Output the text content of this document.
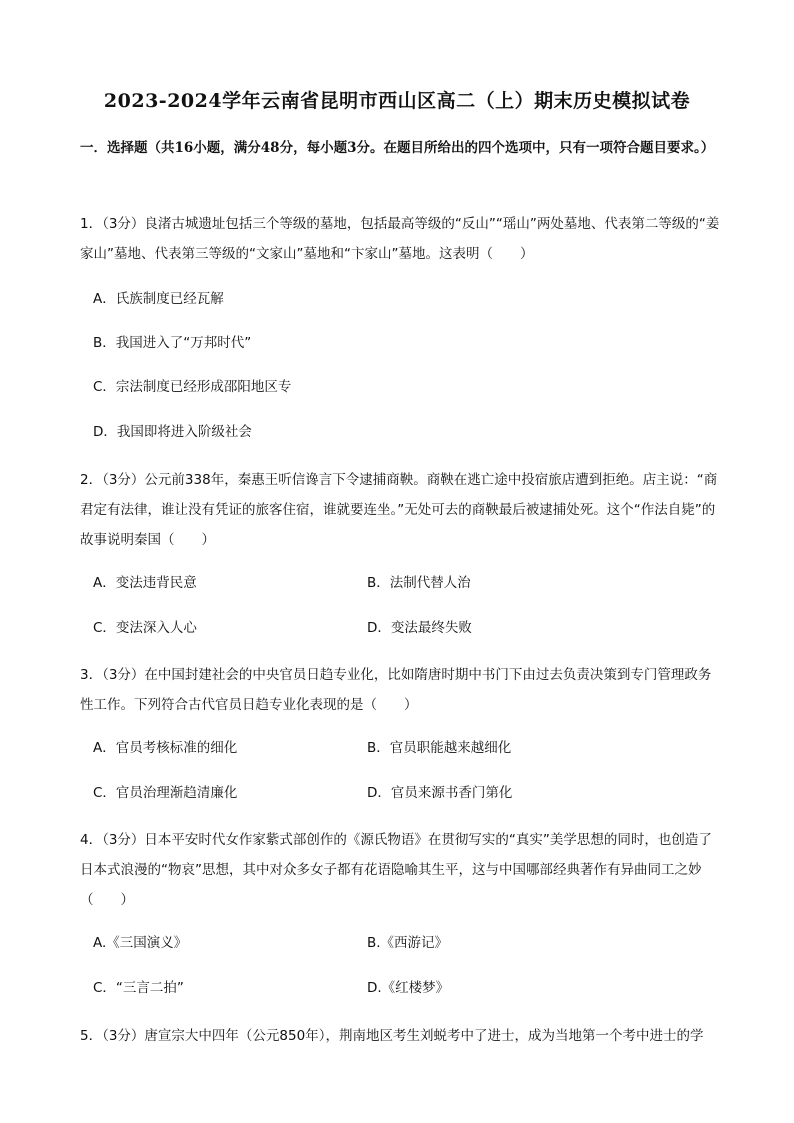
2023-2024学年云南省昆明市西山区高二（上）期末历史模拟试卷
一．选择题（共16小题，满分48分，每小题3分。在题目所给出的四个选项中，只有一项符合题目要求。）
1．（3分）良渚古城遗址包括三个等级的墓地，包括最高等级的“反山”“瑶山”两处墓地、代表第二等级的“姜家山”墓地、代表第三等级的“文家山”墓地和“卞家山”墓地。这表明（　　）
A．氏族制度已经瓦解
B．我国进入了“万邦时代”
C．宗法制度已经形成邵阳地区专
D．我国即将进入阶级社会
2．（3分）公元前338年，秦惠王听信谗言下令逮捕商鞅。商鞅在逃亡途中投宿旅店遭到拒绝。店主说：“商君定有法律，谁让没有凭证的旅客住宿，谁就要连坐。”无处可去的商鞅最后被逮捕处死。这个“作法自毙”的故事说明秦国（　　）
A．变法违背民意	B．法制代替人治
C．变法深入人心	D．变法最终失败
3．（3分）在中国封建社会的中央官员日趋专业化，比如隋唐时期中书门下由过去负责决策到专门管理政务性工作。下列符合古代官员日趋专业化表现的是（　　）
A．官员考核标准的细化	B．官员职能越来越细化
C．官员治理渐趋清廉化	D．官员来源书香门第化
4．（3分）日本平安时代女作家紫式部创作的《源氏物语》在贯彻写实的“真实”美学思想的同时，也创造了日本式浪漫的“物哀”思想，其中对众多女子都有花语隐喻其生平，这与中国哪部经典著作有异曲同工之妙（　　）
A.《三国演义》	B.《西游记》
C．“三言二拍”	D.《红楼梦》
5．（3分）唐宣宗大中四年（公元850年），荆南地区考生刘蜕考中了进士，成为当地第一个考中进士的学
